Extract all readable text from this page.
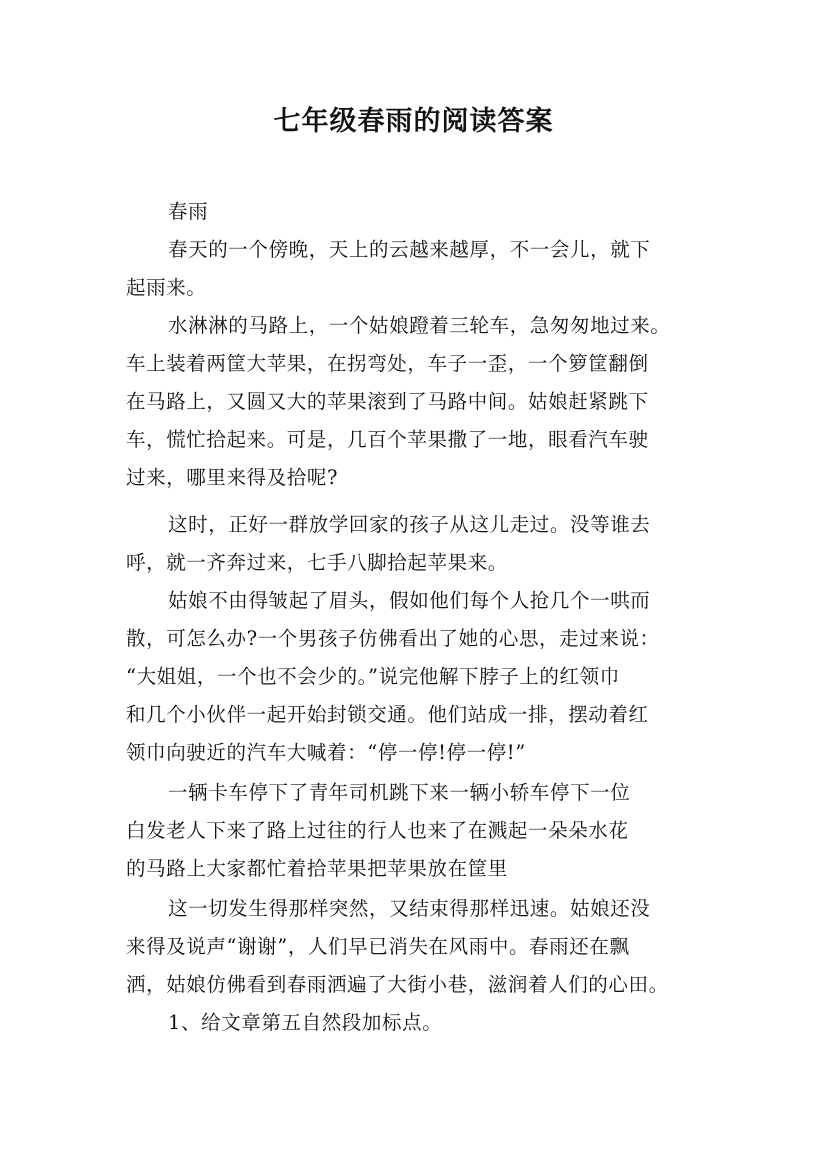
七年级春雨的阅读答案
春雨
春天的一个傍晚，天上的云越来越厚，不一会儿，就下
起雨来。
水淋淋的马路上，一个姑娘蹬着三轮车，急匆匆地过来。
车上装着两筐大苹果，在拐弯处，车子一歪，一个箩筐翻倒
在马路上，又圆又大的苹果滚到了马路中间。姑娘赶紧跳下
车，慌忙拾起来。可是，几百个苹果撒了一地，眼看汽车驶
过来，哪里来得及拾呢?
这时，正好一群放学回家的孩子从这儿走过。没等谁去
呼，就一齐奔过来，七手八脚拾起苹果来。
姑娘不由得皱起了眉头，假如他们每个人抢几个一哄而
散，可怎么办?一个男孩子仿佛看出了她的心思，走过来说：
“大姐姐，一个也不会少的。”说完他解下脖子上的红领巾
和几个小伙伴一起开始封锁交通。他们站成一排，摆动着红
领巾向驶近的汽车大喊着：“停一停!停一停!”
一辆卡车停下了青年司机跳下来一辆小轿车停下一位
白发老人下来了路上过往的行人也来了在溅起一朵朵水花
的马路上大家都忙着拾苹果把苹果放在筐里
这一切发生得那样突然，又结束得那样迅速。姑娘还没
来得及说声“谢谢”，人们早已消失在风雨中。春雨还在飘
洒，姑娘仿佛看到春雨洒遍了大街小巷，滋润着人们的心田。
1、给文章第五自然段加标点。
